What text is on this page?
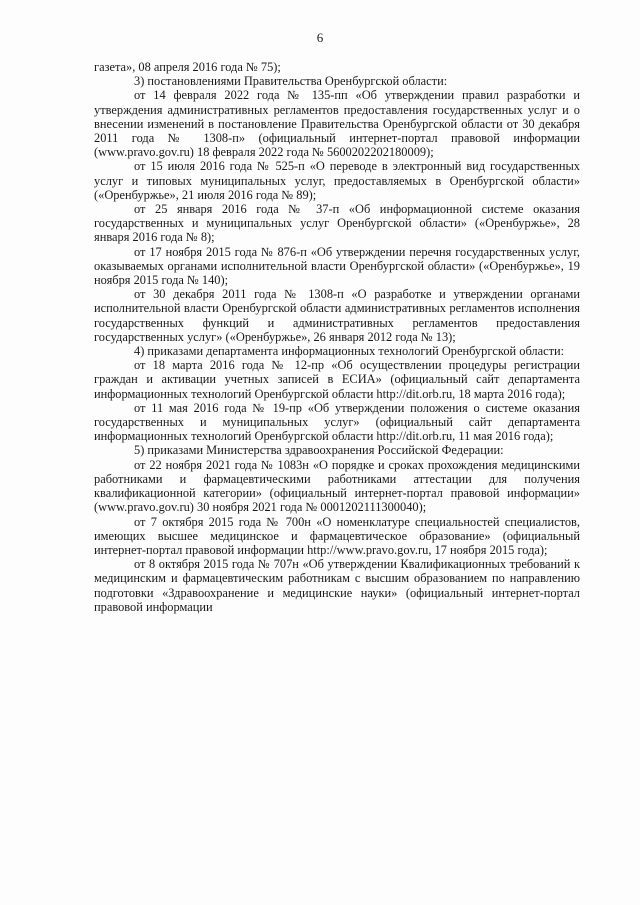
6

газета», 08 апреля 2016 года № 75);

3) постановлениями Правительства Оренбургской области:

от 14 февраля 2022 года № 135-пп «Об утверждении правил разработки и утверждения административных регламентов предоставления государственных услуг и о внесении изменений в постановление Правительства Оренбургской области от 30 декабря 2011 года № 1308-п» (официальный интернет-портал правовой информации (www.pravo.gov.ru) 18 февраля 2022 года № 5600202202180009);

от 15 июля 2016 года № 525-п «О переводе в электронный вид государственных услуг и типовых муниципальных услуг, предоставляемых в Оренбургской области» («Оренбуржье», 21 июля 2016 года № 89);

от 25 января 2016 года № 37-п «Об информационной системе оказания государственных и муниципальных услуг Оренбургской области» («Оренбуржье», 28 января 2016 года № 8);

от 17 ноября 2015 года № 876-п «Об утверждении перечня государственных услуг, оказываемых органами исполнительной власти Оренбургской области» («Оренбуржье», 19 ноября 2015 года № 140);

от 30 декабря 2011 года № 1308-п «О разработке и утверждении органами исполнительной власти Оренбургской области административных регламентов исполнения государственных функций и административных регламентов предоставления государственных услуг» («Оренбуржье», 26 января 2012 года № 13);

4) приказами департамента информационных технологий Оренбургской области:

от 18 марта 2016 года № 12-пр «Об осуществлении процедуры регистрации граждан и активации учетных записей в ЕСИА» (официальный сайт департамента информационных технологий Оренбургской области http://dit.orb.ru, 18 марта 2016 года);

от 11 мая 2016 года № 19-пр «Об утверждении положения о системе оказания государственных и муниципальных услуг» (официальный сайт департамента информационных технологий Оренбургской области http://dit.orb.ru, 11 мая 2016 года);

5) приказами Министерства здравоохранения Российской Федерации:

от 22 ноября 2021 года № 1083н «О порядке и сроках прохождения медицинскими работниками и фармацевтическими работниками аттестации для получения квалификационной категории» (официальный интернет-портал правовой информации» (www.pravo.gov.ru) 30 ноября 2021 года № 0001202111300040);

от 7 октября 2015 года № 700н «О номенклатуре специальностей специалистов, имеющих высшее медицинское и фармацевтическое образование» (официальный интернет-портал правовой информации http://www.pravo.gov.ru, 17 ноября 2015 года);

от 8 октября 2015 года № 707н «Об утверждении Квалификационных требований к медицинским и фармацевтическим работникам с высшим образованием по направлению подготовки «Здравоохранение и медицинские науки» (официальный интернет-портал правовой информации
